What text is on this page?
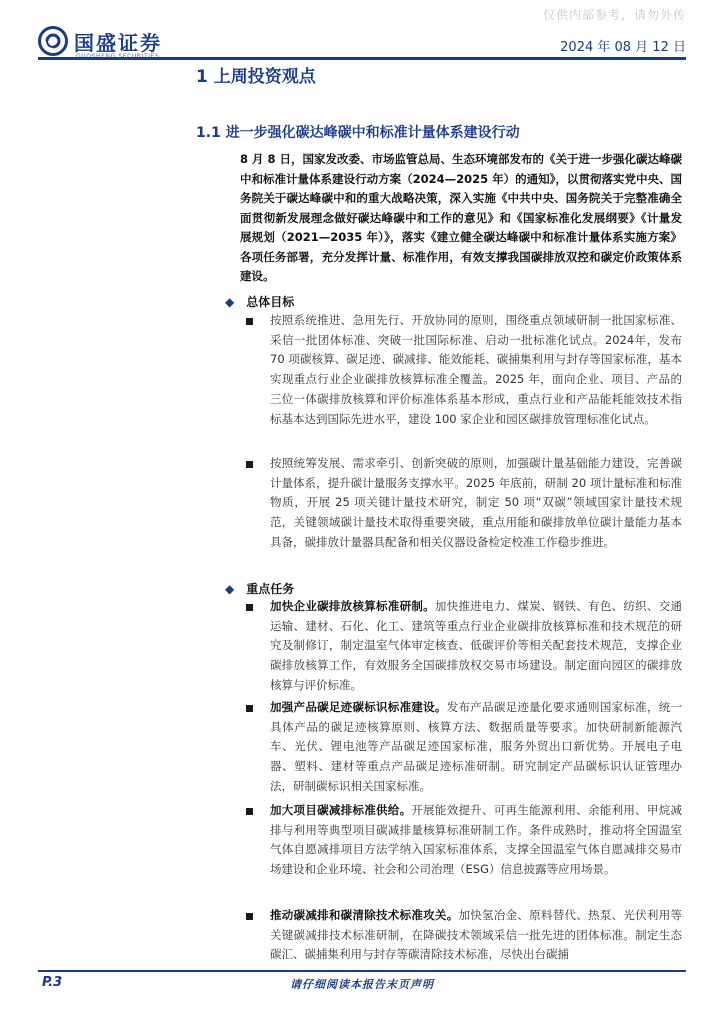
仅供内部参考，请勿外传
国盛证券	2024 年 08 月 12 日
1 上周投资观点
1.1 进一步强化碳达峰碳中和标准计量体系建设行动
8 月 8 日，国家发改委、市场监管总局、生态环境部发布的《关于进一步强化碳达峰碳中和标准计量体系建设行动方案（2024—2025 年）的通知》，以贯彻落实党中央、国务院关于碳达峰碳中和的重大战略决策，深入实施《中共中央、国务院关于完整准确全面贯彻新发展理念做好碳达峰碳中和工作的意见》和《国家标准化发展纲要》《计量发展规划（2021—2035 年）》，落实《建立健全碳达峰碳中和标准计量体系实施方案》各项任务部署，充分发挥计量、标准作用，有效支撑我国碳排放双控和碳定价政策体系建设。
◆ 总体目标
按照系统推进、急用先行、开放协同的原则，围绕重点领域研制一批国家标准、采信一批团体标准、突破一批国际标准、启动一批标准化试点。2024年，发布 70 项碳核算、碳足迹、碳减排、能效能耗、碳捕集利用与封存等国家标准，基本实现重点行业企业碳排放核算标准全覆盖。2025 年，面向企业、项目、产品的三位一体碳排放核算和评价标准体系基本形成，重点行业和产品能耗能效技术指标基本达到国际先进水平，建设 100 家企业和园区碳排放管理标准化试点。
按照统筹发展、需求牵引、创新突破的原则，加强碳计量基础能力建设，完善碳计量体系，提升碳计量服务支撑水平。2025 年底前，研制 20 项计量标准和标准物质，开展 25 项关键计量技术研究，制定 50 项“双碳”领域国家计量技术规范，关键领域碳计量技术取得重要突破，重点用能和碳排放单位碳计量能力基本具备，碳排放计量器具配备和相关仪器设备检定校准工作稳步推进。
◆ 重点任务
加快企业碳排放核算标准研制。加快推进电力、煤炭、钢铁、有色、纺织、交通运输、建材、石化、化工、建筑等重点行业企业碳排放核算标准和技术规范的研究及制修订，制定温室气体审定核查、低碳评价等相关配套技术规范，支撑企业碳排放核算工作，有效服务全国碳排放权交易市场建设。制定面向园区的碳排放核算与评价标准。
加强产品碳足迹碳标识标准建设。发布产品碳足迹量化要求通则国家标准，统一具体产品的碳足迹核算原则、核算方法、数据质量等要求。加快研制新能源汽车、光伏、锂电池等产品碳足迹国家标准，服务外贸出口新优势。开展电子电器、塑料、建材等重点产品碳足迹标准研制。研究制定产品碳标识认证管理办法，研制碳标识相关国家标准。
加大项目碳减排标准供给。开展能效提升、可再生能源利用、余能利用、甲烷减排与利用等典型项目碳减排量核算标准研制工作。条件成熟时，推动将全国温室气体自愿减排项目方法学纳入国家标准体系，支撑全国温室气体自愿减排交易市场建设和企业环境、社会和公司治理（ESG）信息披露等应用场景。
推动碳减排和碳清除技术标准攻关。加快氢冶金、原料替代、热泵、光伏利用等关键碳减排技术标准研制，在降碳技术领域采信一批先进的团体标准。制定生态碳汇、碳捕集利用与封存等碳清除技术标准，尽快出台碳捕
P.3	请仔细阅读本报告末页声明
